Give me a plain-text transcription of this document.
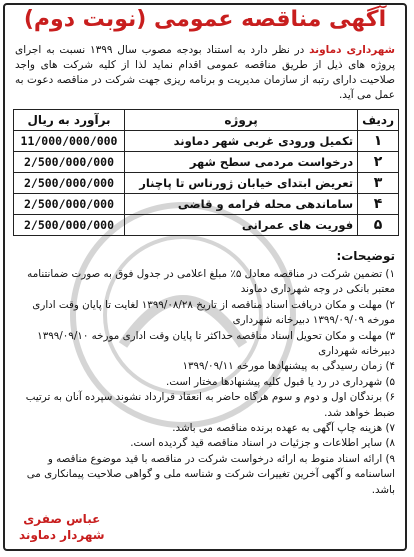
آگهی مناقصه عمومی (نوبت دوم)
شهرداری دماوند در نظر دارد به استناد بودجه مصوب سال ۱۳۹۹ نسبت به اجرای پروژه های ذیل از طریق مناقصه عمومی اقدام نماید لذا از کلیه شرکت های واجد صلاحیت دارای رتبه از سازمان مدیریت و برنامه ریزی جهت شرکت در مناقصه دعوت به عمل می آید.
ردیف	پروژه	برآورد به ریال
۱	تکمیل ورودی غربی شهر دماوند	11/000/000/000
۲	درخواست مردمی سطح شهر	2/500/000/000
۳	تعریض ابتدای خیابان ژورناس تا پاچنار	2/500/000/000
۴	ساماندهی محله فرامه و قاضی	2/500/000/000
۵	فوریت های عمرانی	2/500/000/000
توضیحات:

۱) تضمین شرکت در مناقصه معادل ۵٪ مبلغ اعلامی در جدول فوق به صورت ضمانتنامه معتبر بانکی در وجه شهرداری دماوند

۲) مهلت و مکان دریافت اسناد مناقصه از تاریخ ۱۳۹۹/۰۸/۲۸ لغایت تا پایان وقت اداری مورخه ۱۳۹۹/۰۹/۰۹ دبیرخانه شهرداری

۳) مهلت و مکان تحویل اسناد مناقصه حداکثر تا پایان وقت اداری مورخه ۱۳۹۹/۰۹/۱۰ دبیرخانه شهرداری

۴) زمان رسیدگی به پیشنهادها مورخه ۱۳۹۹/۰۹/۱۱

۵) شهرداری در رد یا قبول کلیه پیشنهادها مختار است.

۶) برندگان اول و دوم و سوم هرگاه حاضر به انعقاد قرارداد نشوند سپرده آنان به ترتیب ضبط خواهد شد.

۷) هزینه چاپ آگهی به عهده برنده مناقصه می باشد.

۸) سایر اطلاعات و جزئیات در اسناد مناقصه قید گردیده است.

۹) ارائه اسناد منوط به ارائه درخواست شرکت در مناقصه با قید موضوع مناقصه و اساسنامه و آگهی آخرین تغییرات شرکت و شناسه ملی و گواهی صلاحیت پیمانکاری می باشد.

عباس صفری
شهردار دماوند
